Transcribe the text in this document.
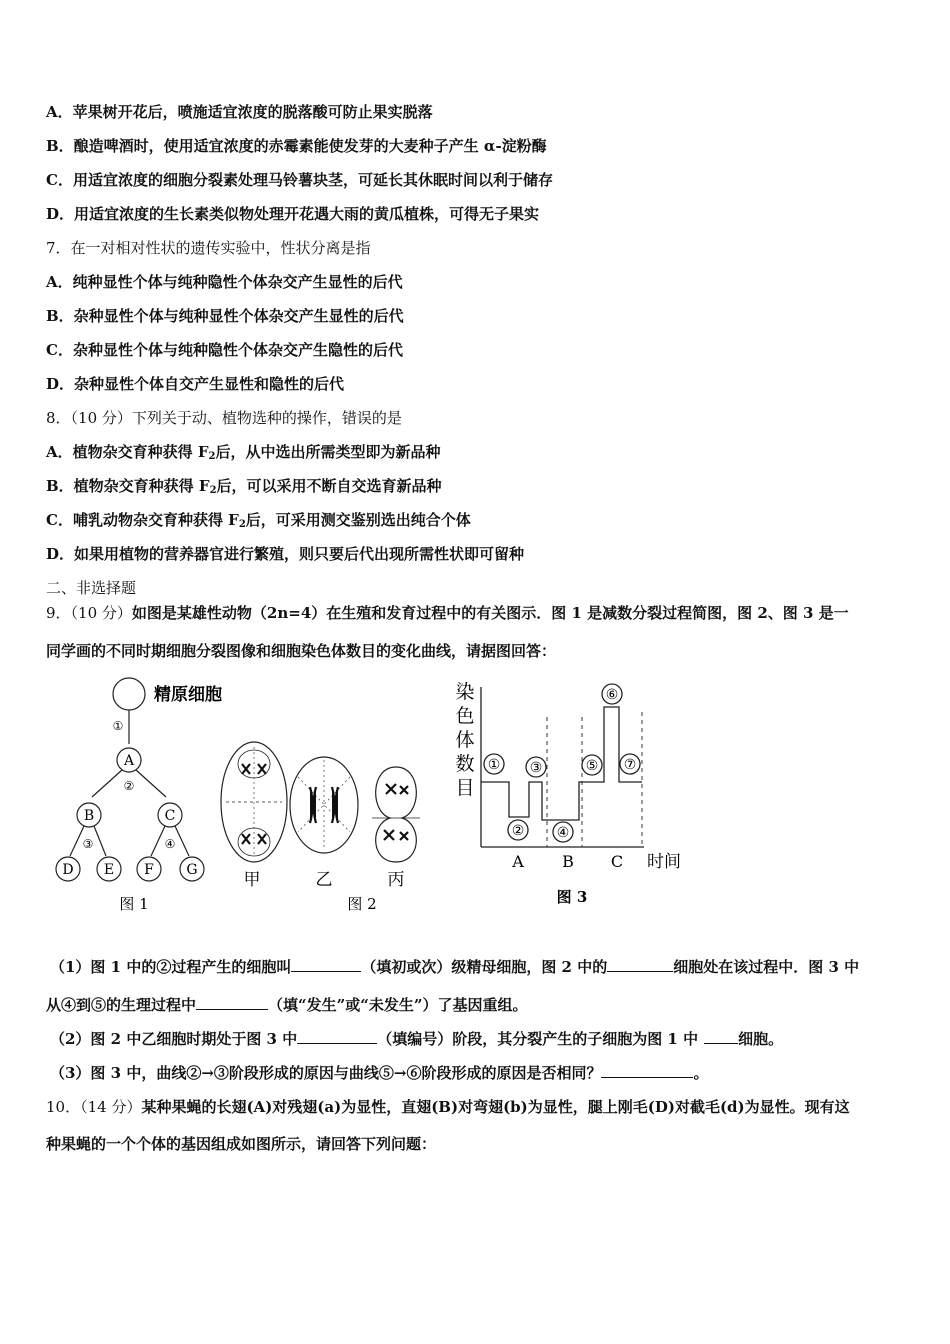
A．苹果树开花后，喷施适宜浓度的脱落酸可防止果实脱落
B．酿造啤酒时，使用适宜浓度的赤霉素能使发芽的大麦种子产生 α-淀粉酶
C．用适宜浓度的细胞分裂素处理马铃薯块茎，可延长其休眠时间以利于储存
D．用适宜浓度的生长素类似物处理开花遇大雨的黄瓜植株，可得无子果实
7．在一对相对性状的遗传实验中，性状分离是指
A．纯种显性个体与纯种隐性个体杂交产生显性的后代
B．杂种显性个体与纯种显性个体杂交产生显性的后代
C．杂种显性个体与纯种隐性个体杂交产生隐性的后代
D．杂种显性个体自交产生显性和隐性的后代
8．（10 分）下列关于动、植物选种的操作，错误的是
A．植物杂交育种获得 $F_2$后，从中选出所需类型即为新品种
B．植物杂交育种获得 $F_2$后，可以采用不断自交选育新品种
C．哺乳动物杂交育种获得 $F_2$后，可采用测交鉴别选出纯合个体
D．如果用植物的营养器官进行繁殖，则只要后代出现所需性状即可留种
二、非选择题
9．（10 分）如图是某雄性动物（2n=4）在生殖和发育过程中的有关图示．图 1 是减数分裂过程简图，图 2、图 3 是一
同学画的不同时期细胞分裂图像和细胞染色体数目的变化曲线，请据图回答：
精原细胞
①
A
②
B	C
③	④
D E F G
图 1
甲	乙	丙
图 2
染
色
体
数
目
①
②
③
④
⑤
⑥
⑦
A B C 时间
图 3
（1）图 1 中的②过程产生的细胞叫	（填初或次）级精母细胞，图 2 中的	细胞处在该过程中．图 3 中
从④到⑤的生理过程中	（填“发生”或“未发生”）了基因重组。
（2）图 2 中乙细胞时期处于图 3 中	（填编号）阶段，其分裂产生的子细胞为图 1 中	细胞。
（3）图 3 中，曲线②→③阶段形成的原因与曲线⑤→⑥阶段形成的原因是否相同？	。
10．（14 分）某种果蝇的长翅(A)对残翅(a)为显性，直翅(B)对弯翅(b)为显性，腿上刚毛(D)对截毛(d)为显性。现有这
种果蝇的一个个体的基因组成如图所示，请回答下列问题：
